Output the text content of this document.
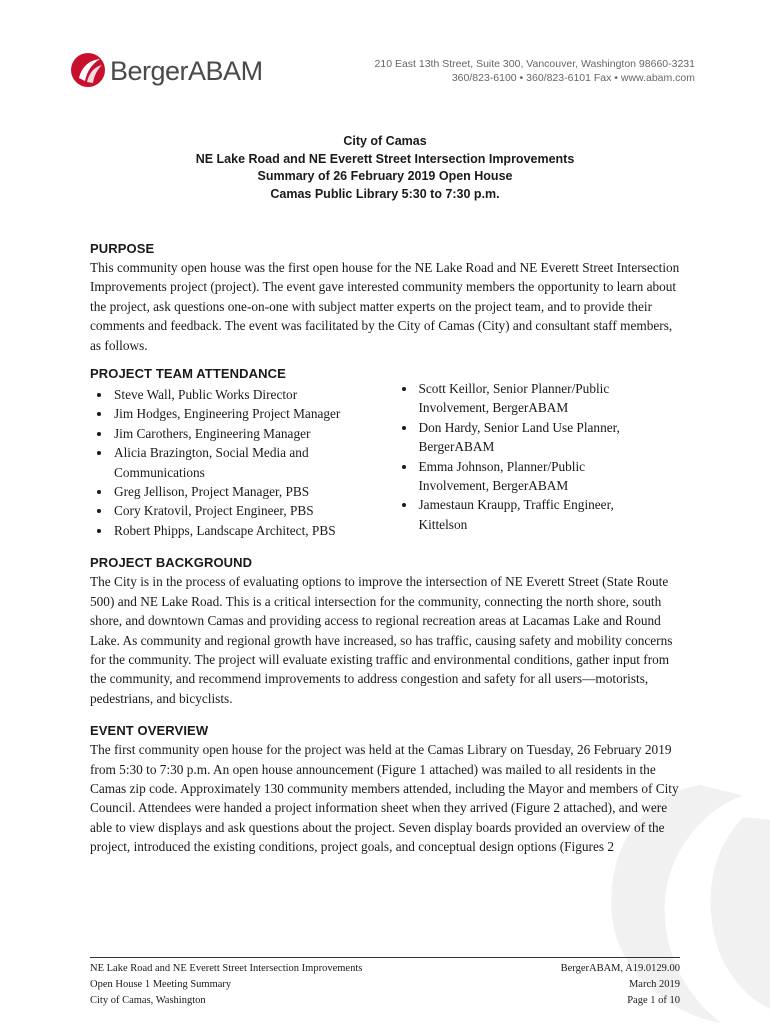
BergerABAM	210 East 13th Street, Suite 300, Vancouver, Washington 98660-3231
360/823-6100 • 360/823-6101 Fax • www.abam.com
City of Camas
NE Lake Road and NE Everett Street Intersection Improvements
Summary of 26 February 2019 Open House
Camas Public Library 5:30 to 7:30 p.m.
PURPOSE

This community open house was the first open house for the NE Lake Road and NE Everett Street Intersection Improvements project (project). The event gave interested community members the opportunity to learn about the project, ask questions one-on-one with subject matter experts on the project team, and to provide their comments and feedback. The event was facilitated by the City of Camas (City) and consultant staff members, as follows.

PROJECT TEAM ATTENDANCE
• Steve Wall, Public Works Director
• Jim Hodges, Engineering Project Manager
• Jim Carothers, Engineering Manager
• Alicia Brazington, Social Media and Communications
• Greg Jellison, Project Manager, PBS
• Cory Kratovil, Project Engineer, PBS
• Robert Phipps, Landscape Architect, PBS
• Scott Keillor, Senior Planner/Public Involvement, BergerABAM
• Don Hardy, Senior Land Use Planner, BergerABAM
• Emma Johnson, Planner/Public Involvement, BergerABAM
• Jamestaun Kraupp, Traffic Engineer, Kittelson
PROJECT BACKGROUND

The City is in the process of evaluating options to improve the intersection of NE Everett Street (State Route 500) and NE Lake Road. This is a critical intersection for the community, connecting the north shore, south shore, and downtown Camas and providing access to regional recreation areas at Lacamas Lake and Round Lake. As community and regional growth have increased, so has traffic, causing safety and mobility concerns for the community. The project will evaluate existing traffic and environmental conditions, gather input from the community, and recommend improvements to address congestion and safety for all users—motorists, pedestrians, and bicyclists.

EVENT OVERVIEW

The first community open house for the project was held at the Camas Library on Tuesday, 26 February 2019 from 5:30 to 7:30 p.m. An open house announcement (Figure 1 attached) was mailed to all residents in the Camas zip code. Approximately 130 community members attended, including the Mayor and members of City Council. Attendees were handed a project information sheet when they arrived (Figure 2 attached), and were able to view displays and ask questions about the project. Seven display boards provided an overview of the project, introduced the existing conditions, project goals, and conceptual design options (Figures 2

NE Lake Road and NE Everett Street Intersection Improvements
Open House 1 Meeting Summary
City of Camas, Washington
BergerABAM, A19.0129.00
March 2019
Page 1 of 10
